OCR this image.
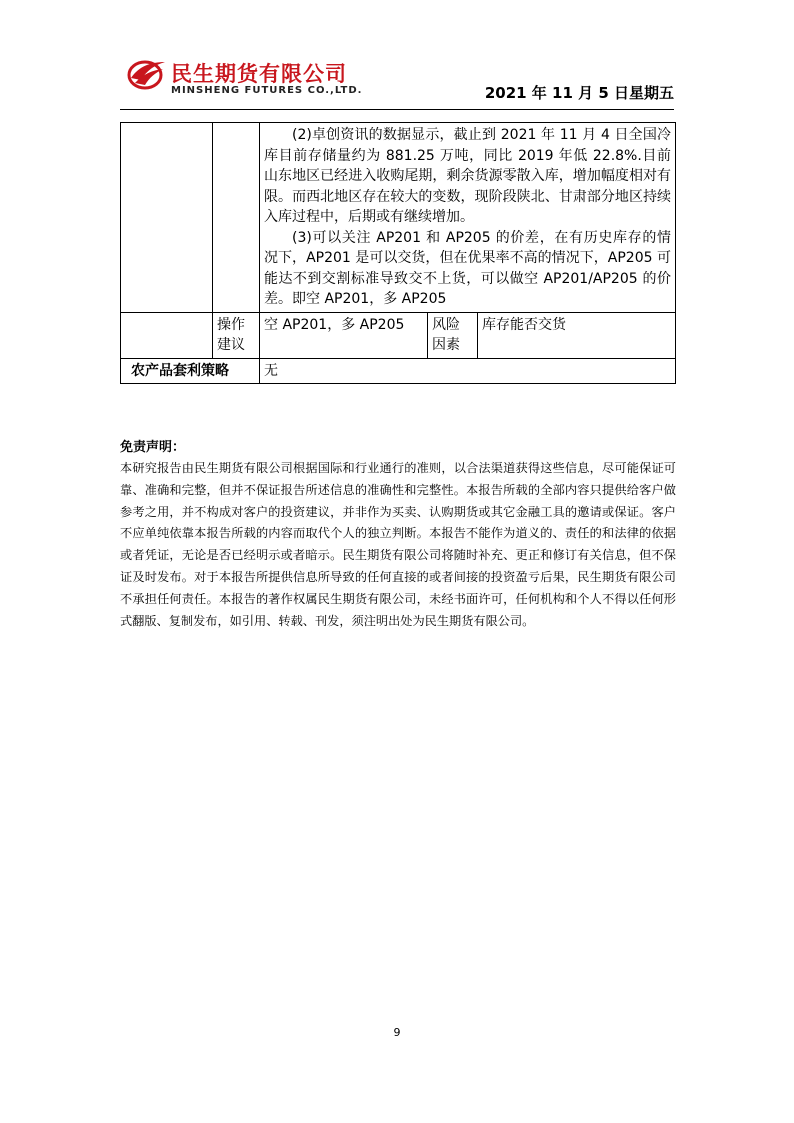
民生期货有限公司
MINSHENG FUTURES CO.,LTD.	2021 年 11 月 5 日星期五

		(2)卓创资讯的数据显示，截止到 2021 年 11 月 4 日全国冷库目前存储量约为 881.25 万吨，同比 2019 年低 22.8%.目前山东地区已经进入收购尾期，剩余货源零散入库，增加幅度相对有限。而西北地区存在较大的变数，现阶段陕北、甘肃部分地区持续入库过程中，后期或有继续增加。

(3)可以关注 AP201 和 AP205 的价差，在有历史库存的情况下，AP201 是可以交货，但在优果率不高的情况下，AP205 可能达不到交割标准导致交不上货，可以做空 AP201/AP205 的价差。即空 AP201，多 AP205		

	操作建议	空 AP201，多 AP205	风险因素	库存能否交货
农产品套利策略		无		

免责声明：

本研究报告由民生期货有限公司根据国际和行业通行的准则，以合法渠道获得这些信息，尽可能保证可靠、准确和完整，但并不保证报告所述信息的准确性和完整性。本报告所载的全部内容只提供给客户做参考之用，并不构成对客户的投资建议，并非作为买卖、认购期货或其它金融工具的邀请或保证。客户不应单纯依靠本报告所载的内容而取代个人的独立判断。本报告不能作为道义的、责任的和法律的依据或者凭证，无论是否已经明示或者暗示。民生期货有限公司将随时补充、更正和修订有关信息，但不保证及时发布。对于本报告所提供信息所导致的任何直接的或者间接的投资盈亏后果，民生期货有限公司不承担任何责任。本报告的著作权属民生期货有限公司，未经书面许可，任何机构和个人不得以任何形式翻版、复制发布，如引用、转载、刊发，须注明出处为民生期货有限公司。

9
